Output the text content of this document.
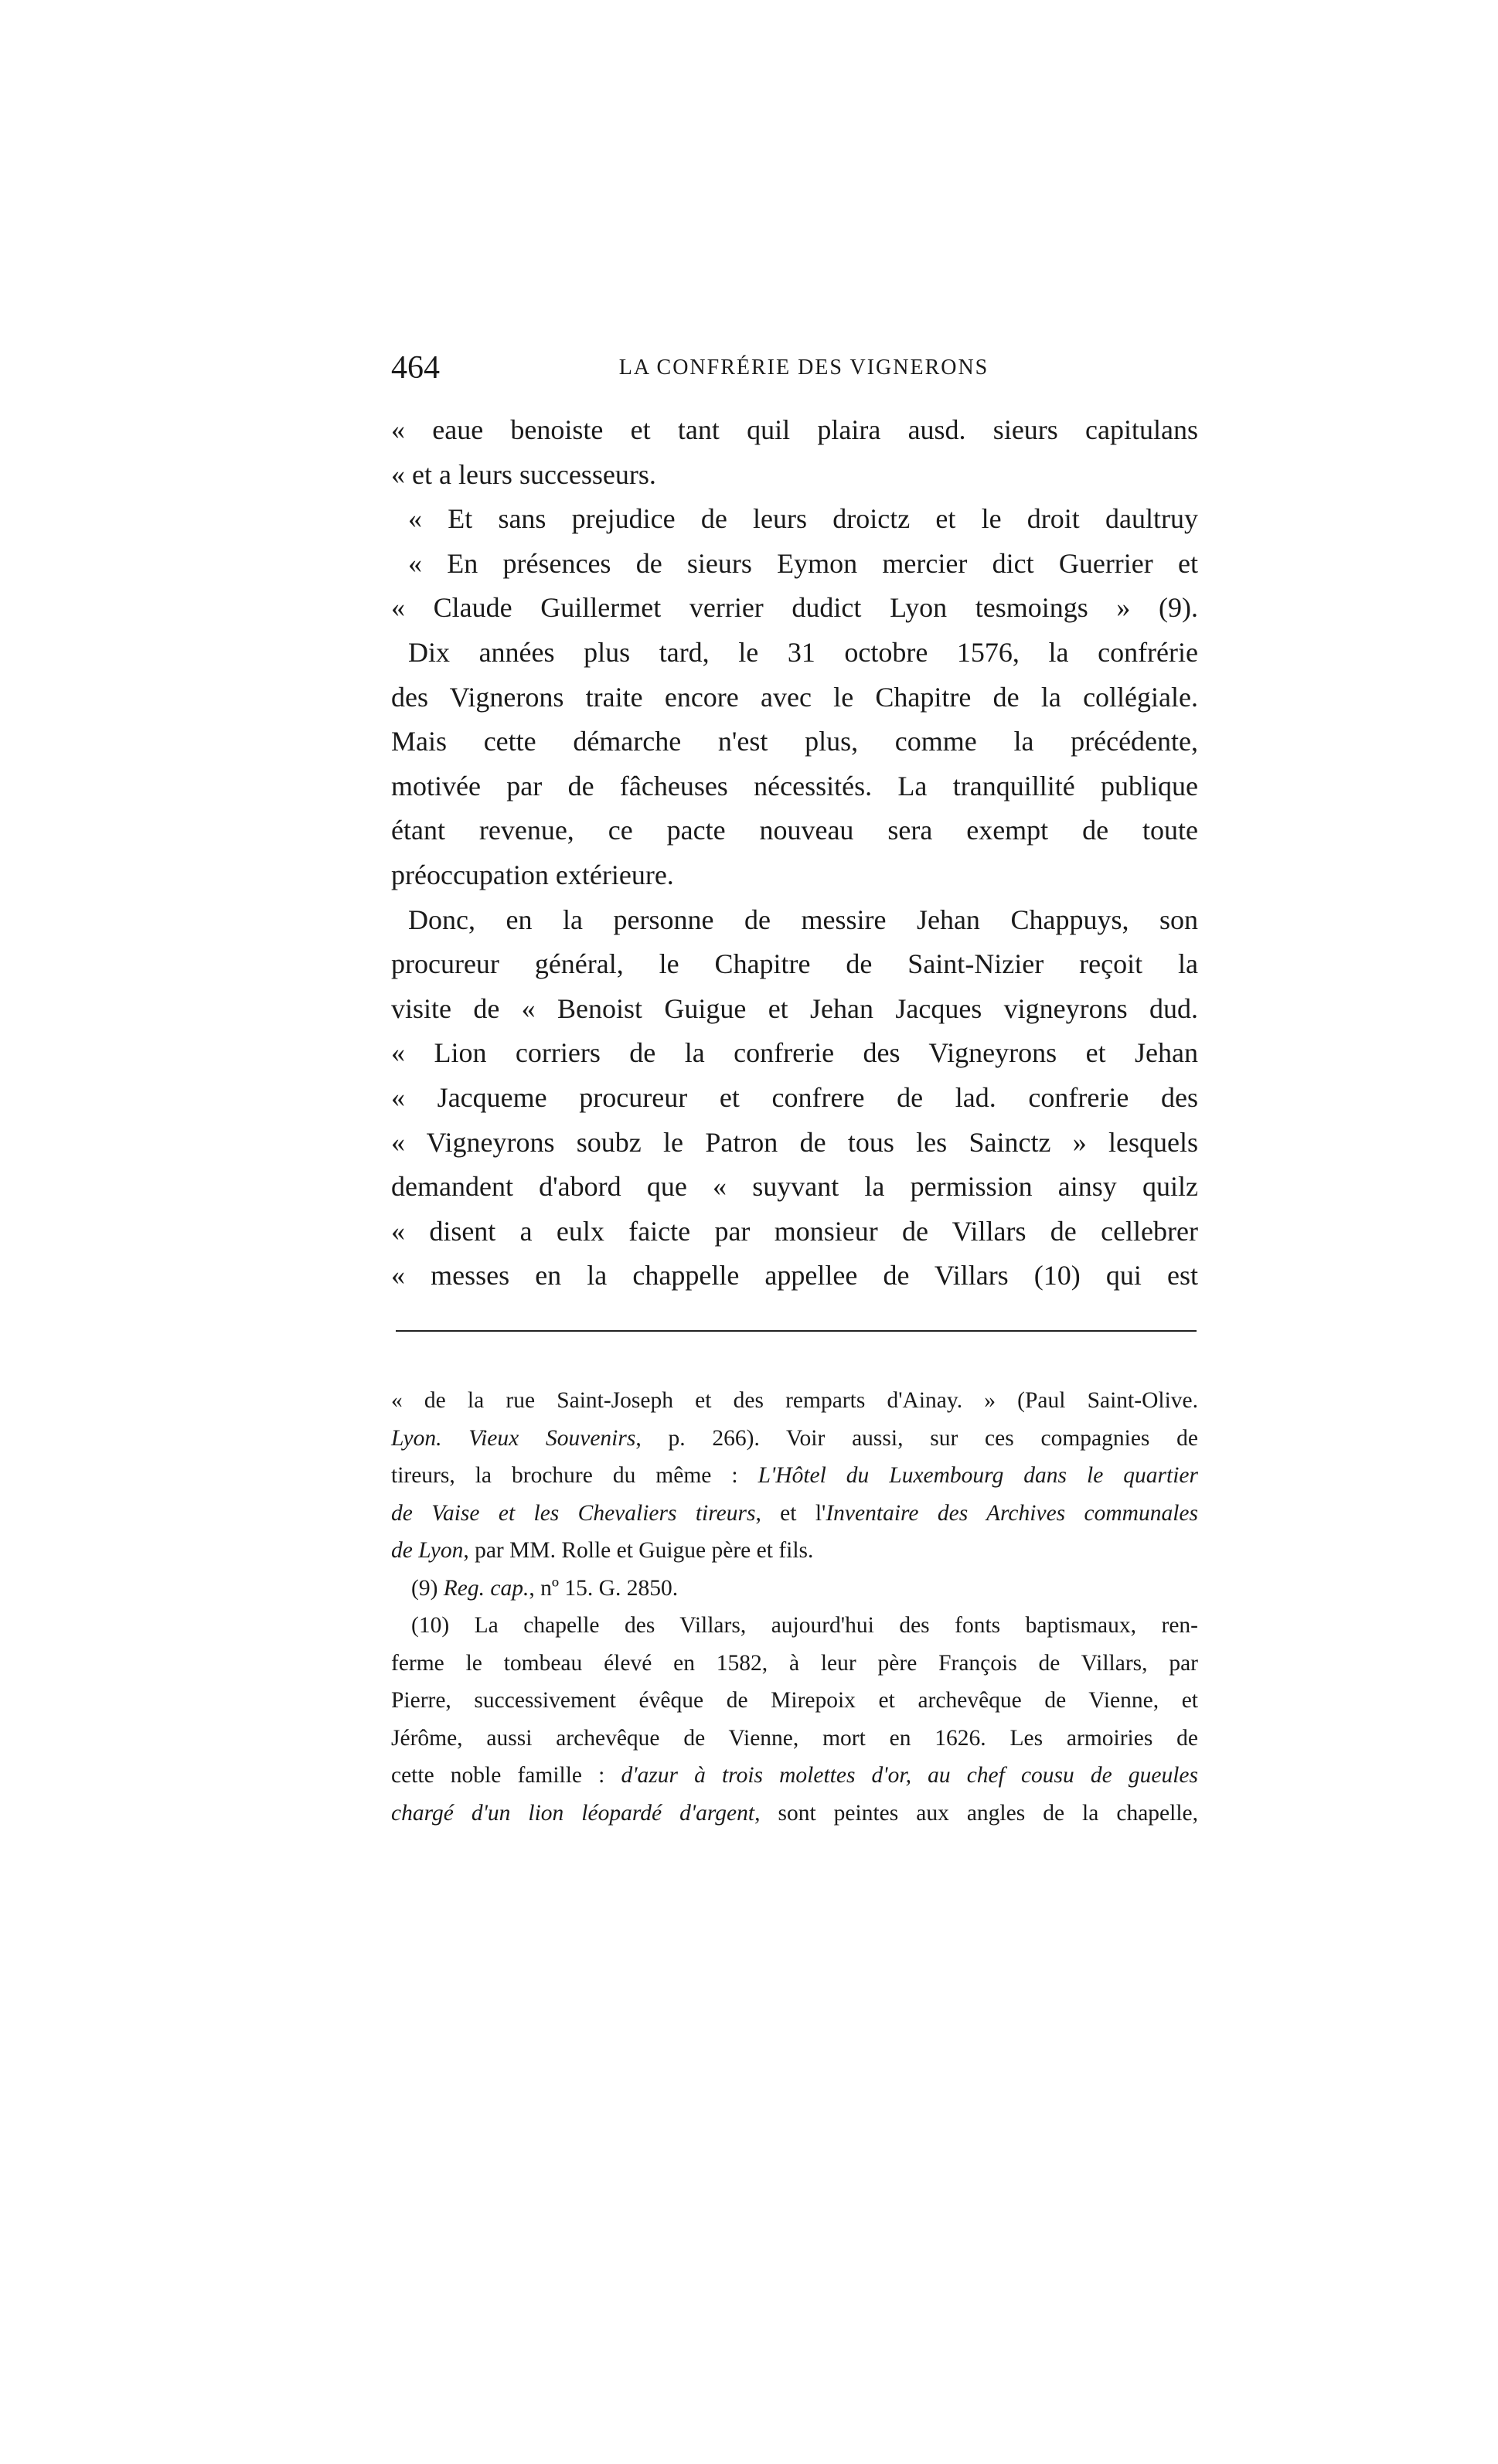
464	LA CONFRÉRIE DES VIGNERONS
« eaue benoiste et tant quil plaira ausd. sieurs capitulans
« et a leurs successeurs.
« Et sans prejudice de leurs droictz et le droit daultruy
« En présences de sieurs Eymon mercier dict Guerrier et
« Claude Guillermet verrier dudict Lyon tesmoings » (9).
Dix années plus tard, le 31 octobre 1576, la confrérie
des Vignerons traite encore avec le Chapitre de la collégiale.
Mais cette démarche n'est plus, comme la précédente,
motivée par de fâcheuses nécessités. La tranquillité publique
étant revenue, ce pacte nouveau sera exempt de toute
préoccupation extérieure.
Donc, en la personne de messire Jehan Chappuys, son
procureur général, le Chapitre de Saint-Nizier reçoit la
visite de « Benoist Guigue et Jehan Jacques vigneyrons dud.
« Lion corriers de la confrerie des Vigneyrons et Jehan
« Jacqueme procureur et confrere de lad. confrerie des
« Vigneyrons soubz le Patron de tous les Sainctz » lesquels
demandent d'abord que « suyvant la permission ainsy quilz
« disent a eulx faicte par monsieur de Villars de cellebrer
« messes en la chappelle appellee de Villars (10) qui est
« de la rue Saint-Joseph et des remparts d'Ainay. » (Paul Saint-Olive.
Lyon. Vieux Souvenirs, p. 266). Voir aussi, sur ces compagnies de
tireurs, la brochure du même : L'Hôtel du Luxembourg dans le quartier
de Vaise et les Chevaliers tireurs, et l'Inventaire des Archives communales
de Lyon, par MM. Rolle et Guigue père et fils.
(9) Reg. cap., nº 15. G. 2850.
(10) La chapelle des Villars, aujourd'hui des fonts baptismaux, ren-
ferme le tombeau élevé en 1582, à leur père François de Villars, par
Pierre, successivement évêque de Mirepoix et archevêque de Vienne, et
Jérôme, aussi archevêque de Vienne, mort en 1626. Les armoiries de
cette noble famille : d'azur à trois molettes d'or, au chef cousu de gueules
chargé d'un lion léopardé d'argent, sont peintes aux angles de la chapelle,
